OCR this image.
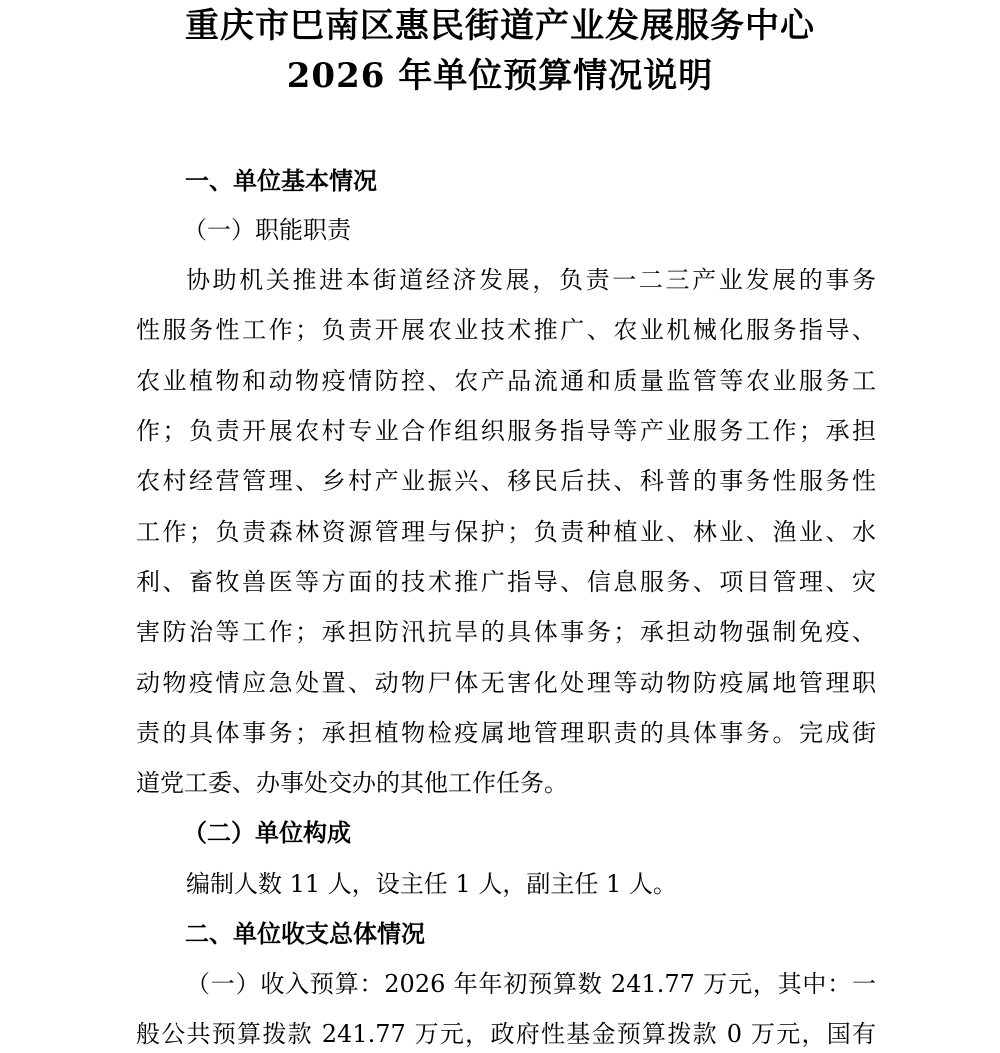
重庆市巴南区惠民街道产业发展服务中心
2026 年单位预算情况说明
一、单位基本情况
（一）职能职责
协助机关推进本街道经济发展，负责一二三产业发展的事务
性服务性工作；负责开展农业技术推广、农业机械化服务指导、
农业植物和动物疫情防控、农产品流通和质量监管等农业服务工
作；负责开展农村专业合作组织服务指导等产业服务工作；承担
农村经营管理、乡村产业振兴、移民后扶、科普的事务性服务性
工作；负责森林资源管理与保护；负责种植业、林业、渔业、水
利、畜牧兽医等方面的技术推广指导、信息服务、项目管理、灾
害防治等工作；承担防汛抗旱的具体事务；承担动物强制免疫、
动物疫情应急处置、动物尸体无害化处理等动物防疫属地管理职
责的具体事务；承担植物检疫属地管理职责的具体事务。完成街
道党工委、办事处交办的其他工作任务。
（二）单位构成
编制人数 11 人，设主任 1 人，副主任 1 人。
二、单位收支总体情况
（一）收入预算：2026 年年初预算数 241.77 万元，其中：一
般公共预算拨款 241.77 万元，政府性基金预算拨款 0 万元，国有
